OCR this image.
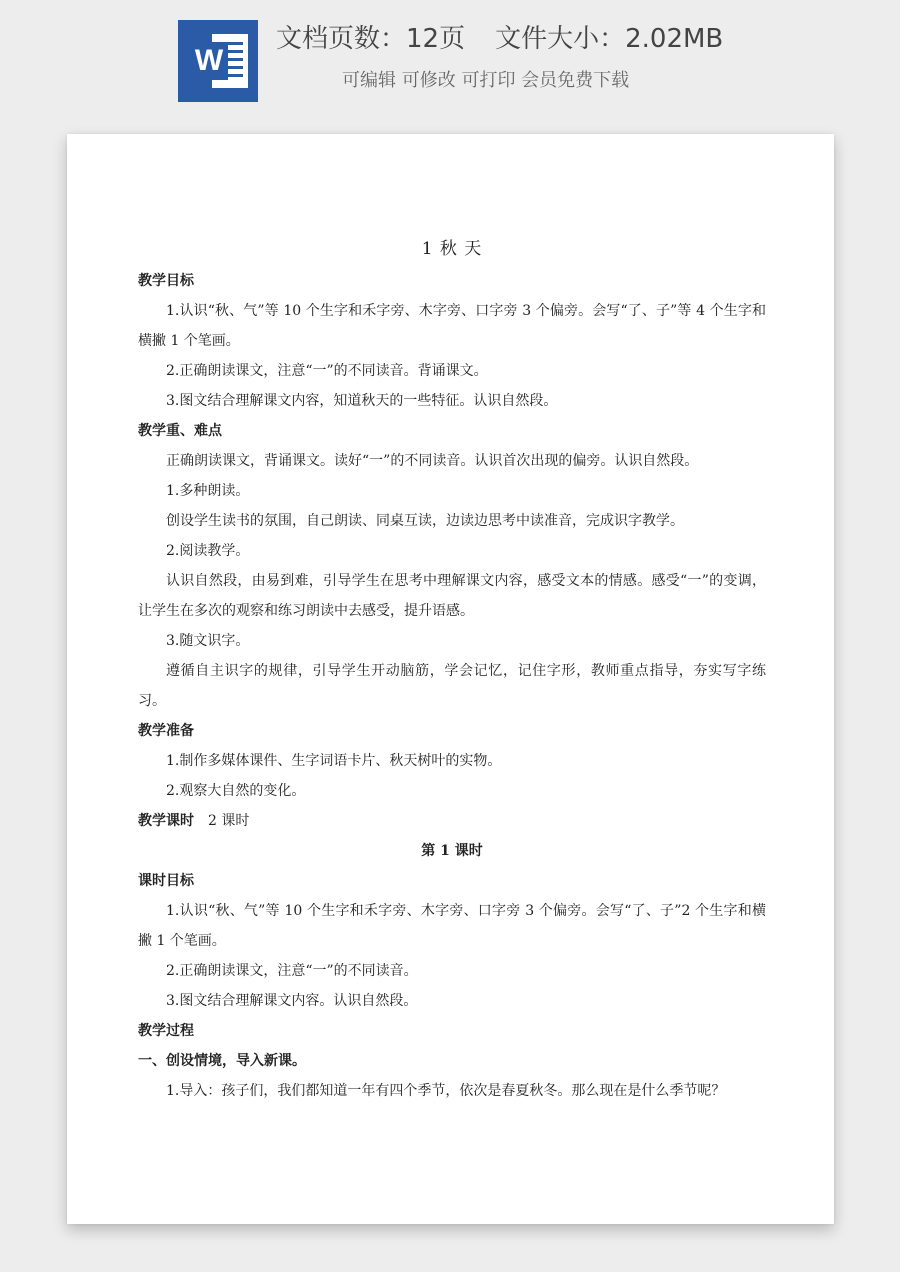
W
文档页数：12页 文件大小：2.02MB
可编辑 可修改 可打印 会员免费下载
1 秋 天
教学目标
1.认识“秋、气”等 10 个生字和禾字旁、木字旁、口字旁 3 个偏旁。会写“了、子”等 4 个生字和横撇 1 个笔画。
2.正确朗读课文，注意“一”的不同读音。背诵课文。
3.图文结合理解课文内容，知道秋天的一些特征。认识自然段。
教学重、难点
正确朗读课文，背诵课文。读好“一”的不同读音。认识首次出现的偏旁。认识自然段。
1.多种朗读。
创设学生读书的氛围，自己朗读、同桌互读，边读边思考中读准音，完成识字教学。
2.阅读教学。
认识自然段，由易到难，引导学生在思考中理解课文内容，感受文本的情感。感受“一”的变调，让学生在多次的观察和练习朗读中去感受，提升语感。
3.随文识字。
遵循自主识字的规律，引导学生开动脑筋，学会记忆，记住字形，教师重点指导，夯实写字练习。
教学准备
1.制作多媒体课件、生字词语卡片、秋天树叶的实物。
2.观察大自然的变化。
教学课时 2 课时
第 1 课时
课时目标
1.认识“秋、气”等 10 个生字和禾字旁、木字旁、口字旁 3 个偏旁。会写“了、子”2 个生字和横撇 1 个笔画。
2.正确朗读课文，注意“一”的不同读音。
3.图文结合理解课文内容。认识自然段。
教学过程
一、创设情境，导入新课。
1.导入：孩子们，我们都知道一年有四个季节，依次是春夏秋冬。那么现在是什么季节呢？
